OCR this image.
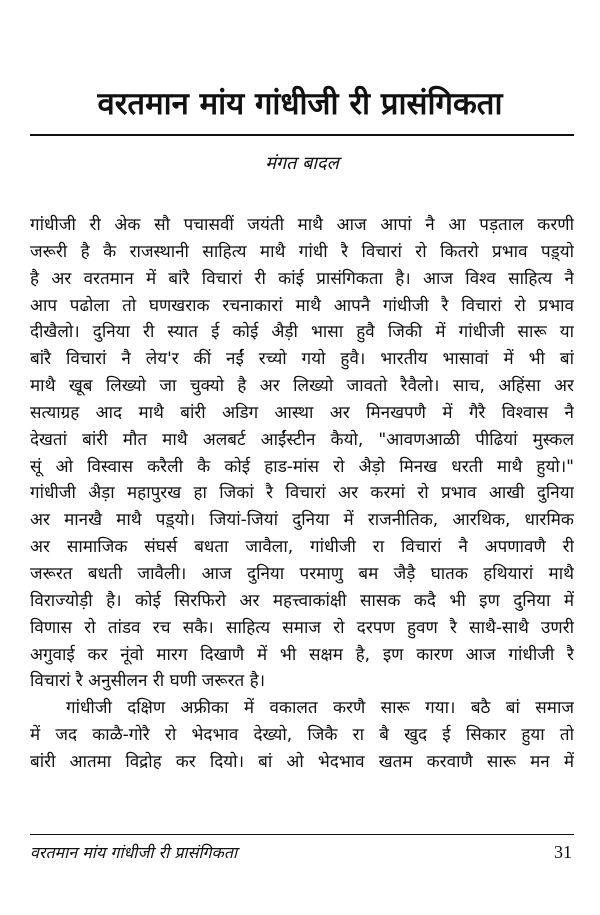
वरतमान मांय गांधीजी री प्रासंगिकता
मंगत बादल
गांधीजी री अेक सौ पचासवीं जयंती माथै आज आपां नै आ पड़ताल करणी
जरूरी है कै राजस्थानी साहित्य माथै गांधी रै विचारां रो कितरो प्रभाव पड़्यो
है अर वरतमान में बांरै विचारां री कांई प्रासंगिकता है। आज विश्व साहित्य नै
आप पढोला तो घणखराक रचनाकारां माथै आपनै गांधीजी रै विचारां रो प्रभाव
दीखैलो। दुनिया री स्यात ई कोई अैड़ी भासा हुवै जिकी में गांधीजी सारू या
बांरै विचारां नै लेय'र कीं नईं रच्यो गयो हुवै। भारतीय भासावां में भी बां
माथै खूब लिख्यो जा चुक्यो है अर लिख्यो जावतो रैवैलो। साच, अहिंसा अर
सत्याग्रह आद माथै बांरी अडिग आस्था अर मिनखपणै में गैरै विश्वास नै
देखतां बांरी मौत माथै अलबर्ट आईंस्टीन कैयो, "आवणआळी पीढियां मुस्कल
सूं ओ विस्वास करैली कै कोई हाड-मांस रो अैड़ो मिनख धरती माथै हुयो।"
गांधीजी अैड़ा महापुरख हा जिकां रै विचारां अर करमां रो प्रभाव आखी दुनिया
अर मानखै माथै पड़्यो। जियां-जियां दुनिया में राजनीतिक, आरथिक, धारमिक
अर सामाजिक संघर्स बधता जावैला, गांधीजी रा विचारां नै अपणावणै री
जरूरत बधती जावैली। आज दुनिया परमाणु बम जैड़ै घातक हथियारां माथै
विराज्योड़ी है। कोई सिरफिरो अर महत्त्वाकांक्षी सासक कदै भी इण दुनिया में
विणास रो तांडव रच सकै। साहित्य समाज रो दरपण हुवण रै साथै-साथै उणरी
अगुवाई कर नूंवो मारग दिखाणै में भी सक्षम है, इण कारण आज गांधीजी रै
विचारां रै अनुसीलन री घणी जरूरत है।
गांधीजी दक्षिण अफ्रीका में वकालत करणै सारू गया। बठै बां समाज
में जद काळै-गोरै रो भेदभाव देख्यो, जिकै रा बै खुद ई सिकार हुया तो
बांरी आतमा विद्रोह कर दियो। बां ओ भेदभाव खतम करवाणै सारू मन में
वरतमान मांय गांधीजी री प्रासंगिकता	31
